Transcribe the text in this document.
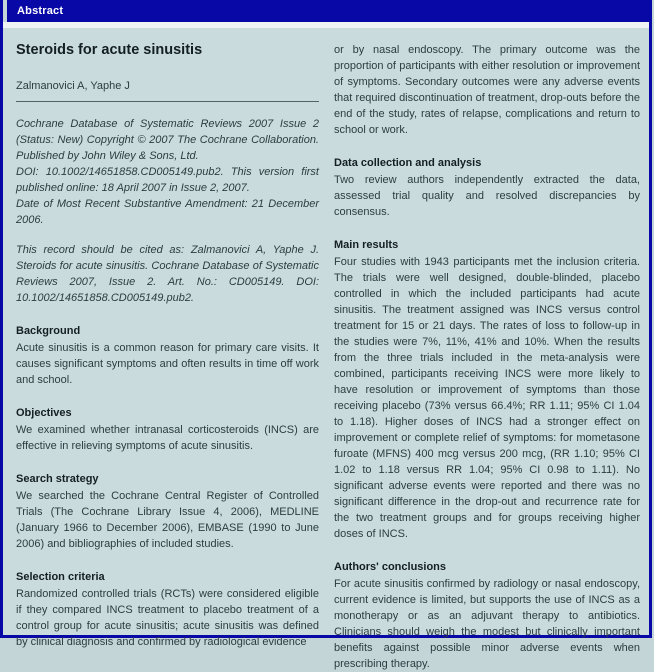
Abstract
Steroids for acute sinusitis
Zalmanovici A, Yaphe J
Cochrane Database of Systematic Reviews 2007 Issue 2 (Status: New) Copyright © 2007 The Cochrane Collaboration. Published by John Wiley & Sons, Ltd.
DOI: 10.1002/14651858.CD005149.pub2. This version first published online: 18 April 2007 in Issue 2, 2007.
Date of Most Recent Substantive Amendment: 21 December 2006.
This record should be cited as: Zalmanovici A, Yaphe J. Steroids for acute sinusitis. Cochrane Database of Systematic Reviews 2007, Issue 2. Art. No.: CD005149. DOI: 10.1002/14651858.CD005149.pub2.
Background

Acute sinusitis is a common reason for primary care visits. It causes significant symptoms and often results in time off work and school.

Objectives

We examined whether intranasal corticosteroids (INCS) are effective in relieving symptoms of acute sinusitis.

Search strategy

We searched the Cochrane Central Register of Controlled Trials (The Cochrane Library Issue 4, 2006), MEDLINE (January 1966 to December 2006), EMBASE (1990 to June 2006) and bibliographies of included studies.

Selection criteria

Randomized controlled trials (RCTs) were considered eligible if they compared INCS treatment to placebo treatment of a control group for acute sinusitis; acute sinusitis was defined by clinical diagnosis and confirmed by radiological evidence

or by nasal endoscopy. The primary outcome was the proportion of participants with either resolution or improvement of symptoms. Secondary outcomes were any adverse events that required discontinuation of treatment, drop-outs before the end of the study, rates of relapse, complications and return to school or work.

Data collection and analysis

Two review authors independently extracted the data, assessed trial quality and resolved discrepancies by consensus.

Main results

Four studies with 1943 participants met the inclusion criteria. The trials were well designed, double-blinded, placebo controlled in which the included participants had acute sinusitis. The treatment assigned was INCS versus control treatment for 15 or 21 days. The rates of loss to follow-up in the studies were 7%, 11%, 41% and 10%. When the results from the three trials included in the meta-analysis were combined, participants receiving INCS were more likely to have resolution or improvement of symptoms than those receiving placebo (73% versus 66.4%; RR 1.11; 95% CI 1.04 to 1.18). Higher doses of INCS had a stronger effect on improvement or complete relief of symptoms: for mometasone furoate (MFNS) 400 mcg versus 200 mcg, (RR 1.10; 95% CI 1.02 to 1.18 versus RR 1.04; 95% CI 0.98 to 1.11). No significant adverse events were reported and there was no significant difference in the drop-out and recurrence rate for the two treatment groups and for groups receiving higher doses of INCS.

Authors' conclusions

For acute sinusitis confirmed by radiology or nasal endoscopy, current evidence is limited, but supports the use of INCS as a monotherapy or as an adjuvant therapy to antibiotics. Clinicians should weigh the modest but clinically important benefits against possible minor adverse events when prescribing therapy.
